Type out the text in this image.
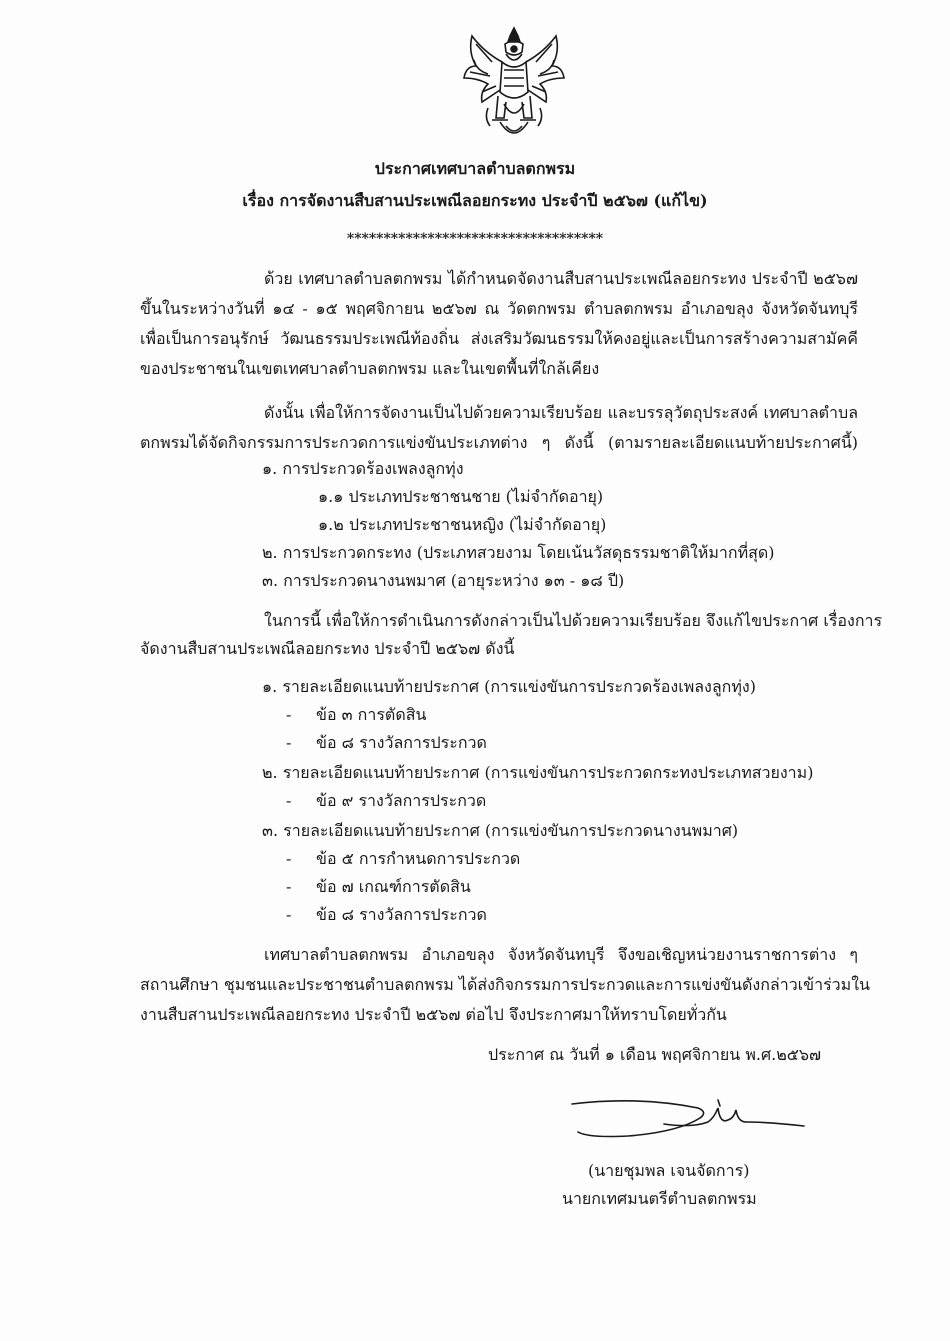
ประกาศเทศบาลตำบลตกพรม
เรื่อง การจัดงานสืบสานประเพณีลอยกระทง ประจำปี ๒๕๖๗ (แก้ไข)
***********************************
ด้วย เทศบาลตำบลตกพรม ได้กำหนดจัดงานสืบสานประเพณีลอยกระทง ประจำปี ๒๕๖๗
ขึ้นในระหว่างวันที่ ๑๔ - ๑๕ พฤศจิกายน ๒๕๖๗ ณ วัดตกพรม ตำบลตกพรม อำเภอขลุง จังหวัดจันทบุรี
เพื่อเป็นการอนุรักษ์ วัฒนธรรมประเพณีท้องถิ่น ส่งเสริมวัฒนธรรมให้คงอยู่และเป็นการสร้างความสามัคคี
ของประชาชนในเขตเทศบาลตำบลตกพรม และในเขตพื้นที่ใกล้เคียง
ดังนั้น เพื่อให้การจัดงานเป็นไปด้วยความเรียบร้อย และบรรลุวัตถุประสงค์ เทศบาลตำบล
ตกพรมได้จัดกิจกรรมการประกวดการแข่งขันประเภทต่าง ๆ ดังนี้ (ตามรายละเอียดแนบท้ายประกาศนี้)
๑. การประกวดร้องเพลงลูกทุ่ง
๑.๑ ประเภทประชาชนชาย (ไม่จำกัดอายุ)
๑.๒ ประเภทประชาชนหญิง (ไม่จำกัดอายุ)
๒. การประกวดกระทง (ประเภทสวยงาม โดยเน้นวัสดุธรรมชาติให้มากที่สุด)
๓. การประกวดนางนพมาศ (อายุระหว่าง ๑๓ - ๑๘ ปี)
ในการนี้ เพื่อให้การดำเนินการดังกล่าวเป็นไปด้วยความเรียบร้อย จึงแก้ไขประกาศ เรื่องการ
จัดงานสืบสานประเพณีลอยกระทง ประจำปี ๒๕๖๗ ดังนี้
๑. รายละเอียดแนบท้ายประกาศ (การแข่งขันการประกวดร้องเพลงลูกทุ่ง)
- ข้อ ๓ การตัดสิน
- ข้อ ๘ รางวัลการประกวด
๒. รายละเอียดแนบท้ายประกาศ (การแข่งขันการประกวดกระทงประเภทสวยงาม)
- ข้อ ๙ รางวัลการประกวด
๓. รายละเอียดแนบท้ายประกาศ (การแข่งขันการประกวดนางนพมาศ)
- ข้อ ๕ การกำหนดการประกวด
- ข้อ ๗ เกณฑ์การตัดสิน
- ข้อ ๘ รางวัลการประกวด
เทศบาลตำบลตกพรม อำเภอขลุง จังหวัดจันทบุรี จึงขอเชิญหน่วยงานราชการต่าง ๆ
สถานศึกษา ชุมชนและประชาชนตำบลตกพรม ได้ส่งกิจกรรมการประกวดและการแข่งขันดังกล่าวเข้าร่วมใน
งานสืบสานประเพณีลอยกระทง ประจำปี ๒๕๖๗ ต่อไป จึงประกาศมาให้ทราบโดยทั่วกัน
ประกาศ ณ วันที่ ๑ เดือน พฤศจิกายน พ.ศ.๒๕๖๗
(นายชุมพล เจนจัดการ)
นายกเทศมนตรีตำบลตกพรม
